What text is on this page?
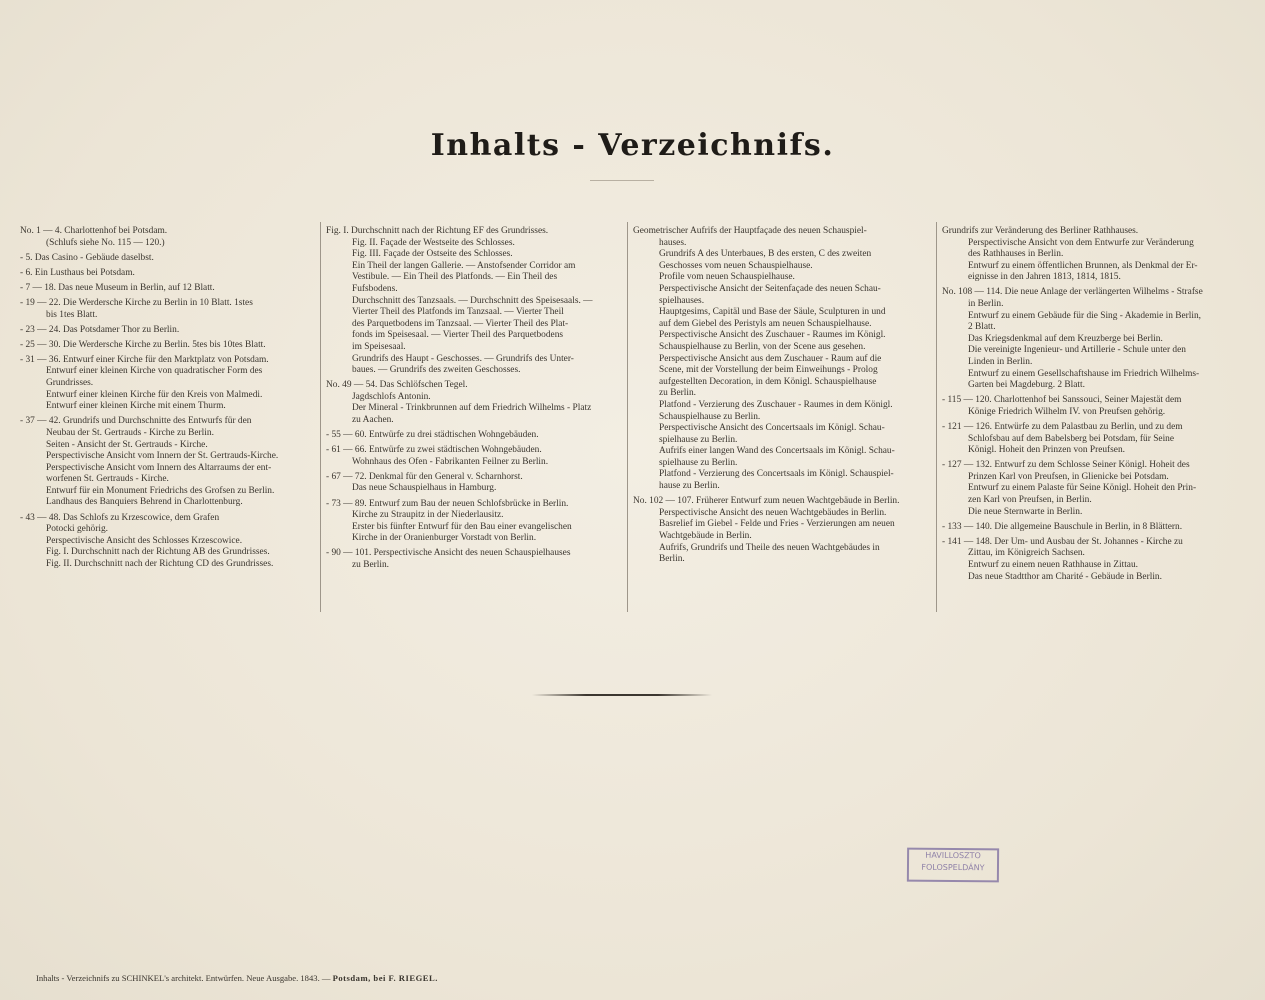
Inhalts - Verzeichnifs.
No. 1 — 4. Charlottenhof bei Potsdam.
(Schlufs siehe No. 115 — 120.)
- 5. Das Casino - Gebäude daselbst.
- 6. Ein Lusthaus bei Potsdam.
- 7 — 18. Das neue Museum in Berlin, auf 12 Blatt.
- 19 — 22. Die Werdersche Kirche zu Berlin in 10 Blatt. 1stes
bis 1tes Blatt.
- 23 — 24. Das Potsdamer Thor zu Berlin.
- 25 — 30. Die Werdersche Kirche zu Berlin. 5tes bis 10tes Blatt.
- 31 — 36. Entwurf einer Kirche für den Marktplatz von Potsdam.
Entwurf einer kleinen Kirche von quadratischer Form des
Grundrisses.
Entwurf einer kleinen Kirche für den Kreis von Malmedi.
Entwurf einer kleinen Kirche mit einem Thurm.
- 37 — 42. Grundrifs und Durchschnitte des Entwurfs für den
Neubau der St. Gertrauds - Kirche zu Berlin.
Seiten - Ansicht der St. Gertrauds - Kirche.
Perspectivische Ansicht vom Innern der St. Gertrauds-Kirche.
Perspectivische Ansicht vom Innern des Altarraums der ent-
worfenen St. Gertrauds - Kirche.
Entwurf für ein Monument Friedrichs des Grofsen zu Berlin.
Landhaus des Banquiers Behrend in Charlottenburg.
- 43 — 48. Das Schlofs zu Krzescowice, dem Grafen
Potocki gehörig.
Perspectivische Ansicht des Schlosses Krzescowice.
Fig. I. Durchschnitt nach der Richtung AB des Grundrisses.
Fig. II. Durchschnitt nach der Richtung CD des Grundrisses.
Fig. I. Durchschnitt nach der Richtung EF des Grundrisses.
Fig. II. Façade der Westseite des Schlosses.
Fig. III. Façade der Ostseite des Schlosses.
Ein Theil der langen Gallerie. — Anstofsender Corridor am
Vestibule. — Ein Theil des Platfonds. — Ein Theil des
Fufsbodens.
Durchschnitt des Tanzsaals. — Durchschnitt des Speisesaals. —
Vierter Theil des Platfonds im Tanzsaal. — Vierter Theil
des Parquetbodens im Tanzsaal. — Vierter Theil des Plat-
fonds im Speisesaal. — Vierter Theil des Parquetbodens
im Speisesaal.
Grundrifs des Haupt - Geschosses. — Grundrifs des Unter-
baues. — Grundrifs des zweiten Geschosses.
No. 49 — 54. Das Schlöfschen Tegel.
Jagdschlofs Antonin.
Der Mineral - Trinkbrunnen auf dem Friedrich Wilhelms - Platz
zu Aachen.
- 55 — 60. Entwürfe zu drei städtischen Wohngebäuden.
- 61 — 66. Entwürfe zu zwei städtischen Wohngebäuden.
Wohnhaus des Ofen - Fabrikanten Feilner zu Berlin.
- 67 — 72. Denkmal für den General v. Scharnhorst.
Das neue Schauspielhaus in Hamburg.
- 73 — 89. Entwurf zum Bau der neuen Schlofsbrücke in Berlin.
Kirche zu Straupitz in der Niederlausitz.
Erster bis fünfter Entwurf für den Bau einer evangelischen
Kirche in der Oranienburger Vorstadt von Berlin.
- 90 — 101. Perspectivische Ansicht des neuen Schauspielhauses
zu Berlin.
Geometrischer Aufrifs der Hauptfaçade des neuen Schauspiel-
hauses.
Grundrifs A des Unterbaues, B des ersten, C des zweiten
Geschosses vom neuen Schauspielhause.
Profile vom neuen Schauspielhause.
Perspectivische Ansicht der Seitenfaçade des neuen Schau-
spielhauses.
Hauptgesims, Capitäl und Base der Säule, Sculpturen in und
auf dem Giebel des Peristyls am neuen Schauspielhause.
Perspectivische Ansicht des Zuschauer - Raumes im Königl.
Schauspielhause zu Berlin, von der Scene aus gesehen.
Perspectivische Ansicht aus dem Zuschauer - Raum auf die
Scene, mit der Vorstellung der beim Einweihungs - Prolog
aufgestellten Decoration, in dem Königl. Schauspielhause
zu Berlin.
Platfond - Verzierung des Zuschauer - Raumes in dem Königl.
Schauspielhause zu Berlin.
Perspectivische Ansicht des Concertsaals im Königl. Schau-
spielhause zu Berlin.
Aufrifs einer langen Wand des Concertsaals im Königl. Schau-
spielhause zu Berlin.
Platfond - Verzierung des Concertsaals im Königl. Schauspiel-
hause zu Berlin.
No. 102 — 107. Früherer Entwurf zum neuen Wachtgebäude in Berlin.
Perspectivische Ansicht des neuen Wachtgebäudes in Berlin.
Basrelief im Giebel - Felde und Fries - Verzierungen am neuen
Wachtgebäude in Berlin.
Aufrifs, Grundrifs und Theile des neuen Wachtgebäudes in
Berlin.
Grundrifs zur Veränderung des Berliner Rathhauses.
Perspectivische Ansicht von dem Entwurfe zur Veränderung
des Rathhauses in Berlin.
Entwurf zu einem öffentlichen Brunnen, als Denkmal der Er-
eignisse in den Jahren 1813, 1814, 1815.
No. 108 — 114. Die neue Anlage der verlängerten Wilhelms - Strafse
in Berlin.
Entwurf zu einem Gebäude für die Sing - Akademie in Berlin,
2 Blatt.
Das Kriegsdenkmal auf dem Kreuzberge bei Berlin.
Die vereinigte Ingenieur- und Artillerie - Schule unter den
Linden in Berlin.
Entwurf zu einem Gesellschaftshause im Friedrich Wilhelms-
Garten bei Magdeburg. 2 Blatt.
- 115 — 120. Charlottenhof bei Sanssouci, Seiner Majestät dem
Könige Friedrich Wilhelm IV. von Preufsen gehörig.
- 121 — 126. Entwürfe zu dem Palastbau zu Berlin, und zu dem
Schlofsbau auf dem Babelsberg bei Potsdam, für Seine
Königl. Hoheit den Prinzen von Preufsen.
- 127 — 132. Entwurf zu dem Schlosse Seiner Königl. Hoheit des
Prinzen Karl von Preufsen, in Glienicke bei Potsdam.
Entwurf zu einem Palaste für Seine Königl. Hoheit den Prin-
zen Karl von Preufsen, in Berlin.
Die neue Sternwarte in Berlin.
- 133 — 140. Die allgemeine Bauschule in Berlin, in 8 Blättern.
- 141 — 148. Der Um- und Ausbau der St. Johannes - Kirche zu
Zittau, im Königreich Sachsen.
Entwurf zu einem neuen Rathhause in Zittau.
Das neue Stadtthor am Charité - Gebäude in Berlin.
HAVILLOSZTO
FOLOSPELDÁNY
Inhalts - Verzeichnifs zu SCHINKEL's architekt. Entwürfen. Neue Ausgabe. 1843. — Potsdam, bei F. RIEGEL.
